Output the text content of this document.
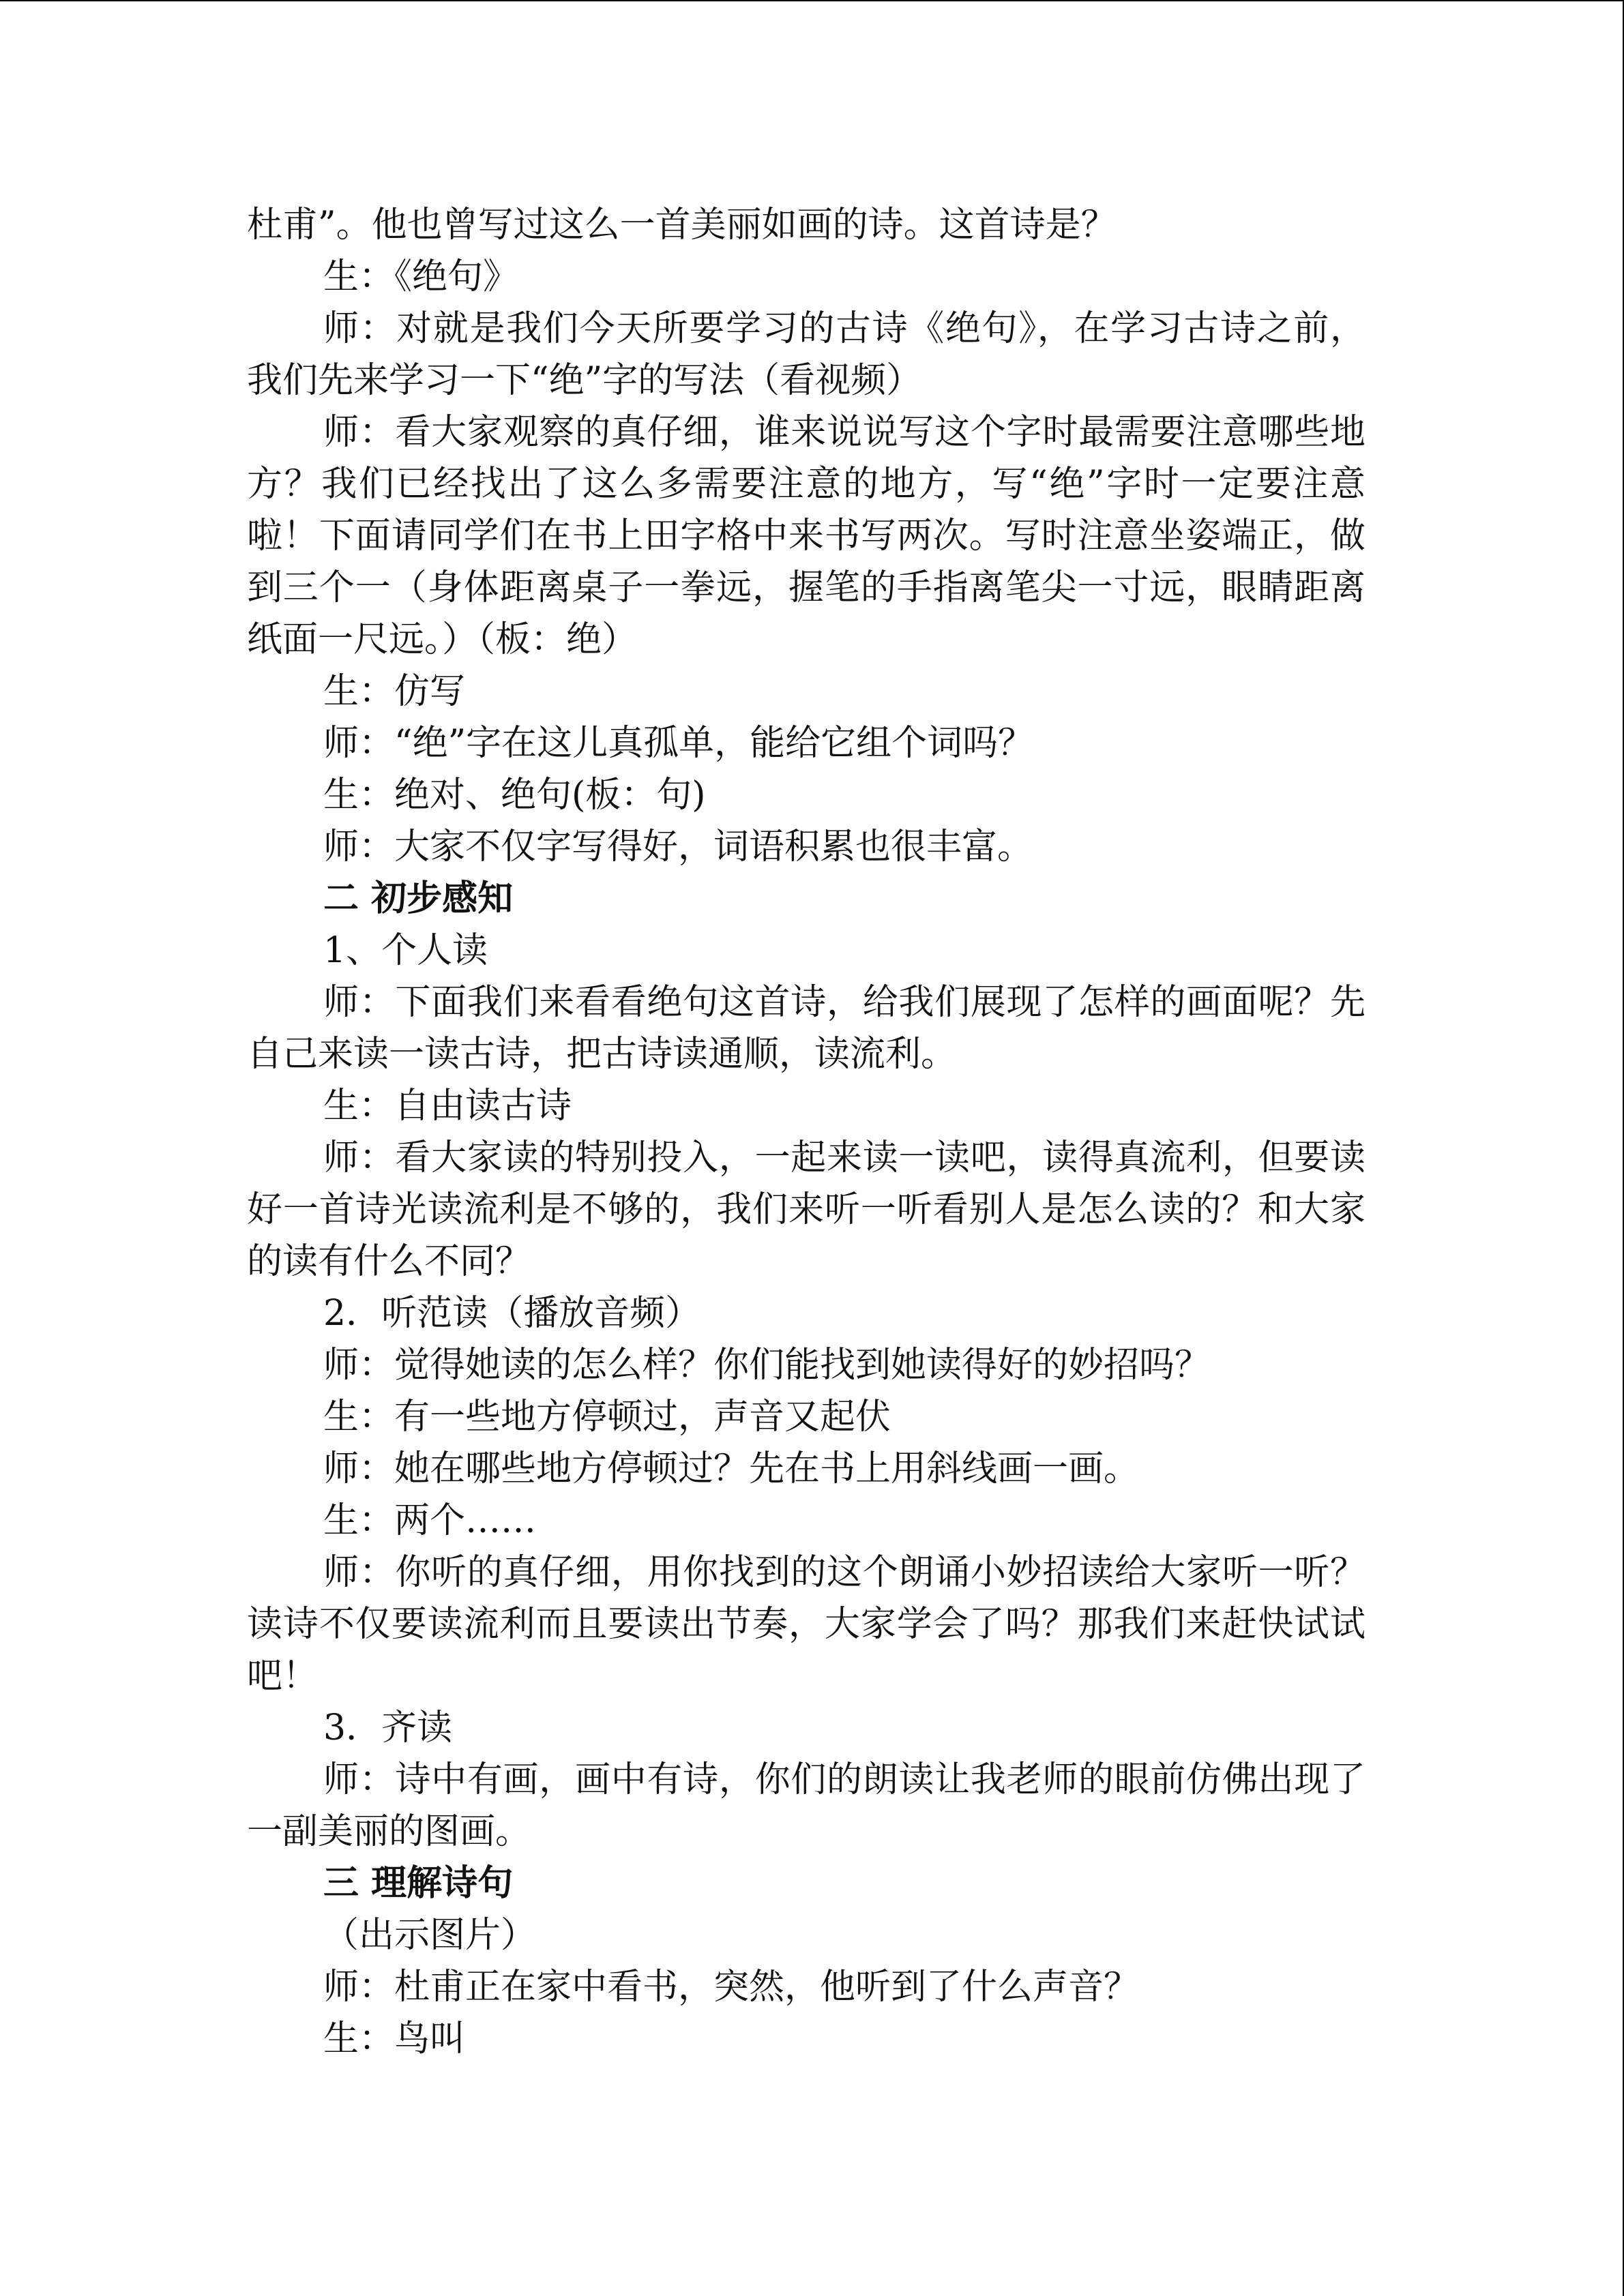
杜甫”。他也曾写过这么一首美丽如画的诗。这首诗是？

生：《绝句》

师：对就是我们今天所要学习的古诗《绝句》，在学习古诗之前，我们先来学习一下“绝”字的写法（看视频）

师：看大家观察的真仔细，谁来说说写这个字时最需要注意哪些地方？我们已经找出了这么多需要注意的地方，写“绝”字时一定要注意啦！下面请同学们在书上田字格中来书写两次。写时注意坐姿端正，做到三个一（身体距离桌子一拳远，握笔的手指离笔尖一寸远，眼睛距离纸面一尺远。）（板：绝）

生：仿写

师：“绝”字在这儿真孤单，能给它组个词吗？

生：绝对、绝句(板：句)

师：大家不仅字写得好，词语积累也很丰富。

二 初步感知

1、个人读

师：下面我们来看看绝句这首诗，给我们展现了怎样的画面呢？先自己来读一读古诗，把古诗读通顺，读流利。

生：自由读古诗

师：看大家读的特别投入，一起来读一读吧，读得真流利，但要读好一首诗光读流利是不够的，我们来听一听看别人是怎么读的？和大家的读有什么不同？

2．听范读（播放音频）

师：觉得她读的怎么样？你们能找到她读得好的妙招吗？

生：有一些地方停顿过，声音又起伏

师：她在哪些地方停顿过？先在书上用斜线画一画。

生：两个……

师：你听的真仔细，用你找到的这个朗诵小妙招读给大家听一听？读诗不仅要读流利而且要读出节奏，大家学会了吗？那我们来赶快试试吧！

3．齐读

师：诗中有画，画中有诗，你们的朗读让我老师的眼前仿佛出现了一副美丽的图画。

三 理解诗句

（出示图片）

师：杜甫正在家中看书，突然，他听到了什么声音？

生：鸟叫
